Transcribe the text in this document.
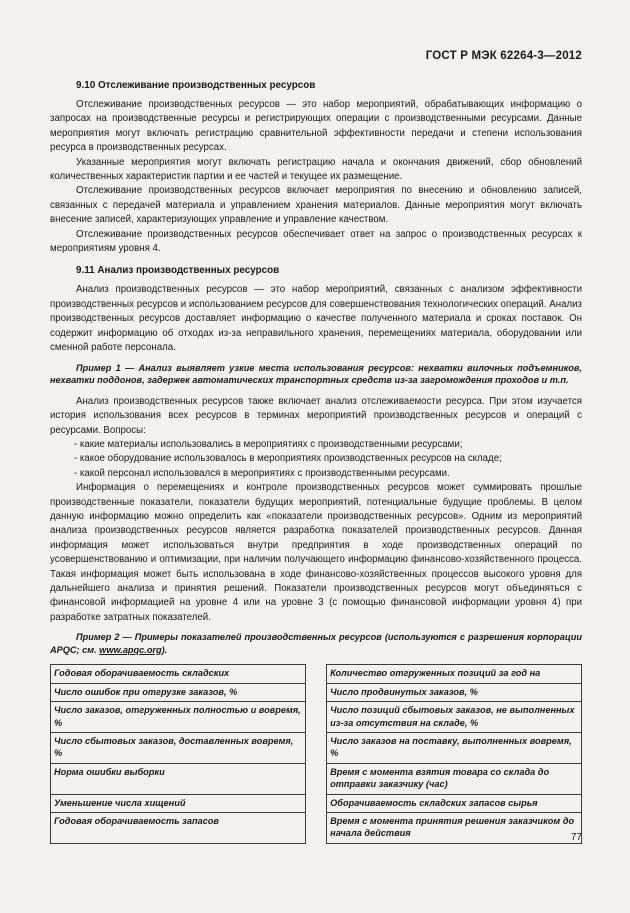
ГОСТ Р МЭК 62264-3—2012
9.10 Отслеживание производственных ресурсов

Отслеживание производственных ресурсов — это набор мероприятий, обрабатывающих информацию о запросах на производственные ресурсы и регистрирующих операции с производственными ресурсами. Данные мероприятия могут включать регистрацию сравнительной эффективности передачи и степени использования ресурса в производственных ресурсах.

Указанные мероприятия могут включать регистрацию начала и окончания движений, сбор обновлений количественных характеристик партии и ее частей и текущее их размещение.

Отслеживание производственных ресурсов включает мероприятия по внесению и обновлению записей, связанных с передачей материала и управлением хранения материалов. Данные мероприятия могут включать внесение записей, характеризующих управление и управление качеством.

Отслеживание производственных ресурсов обеспечивает ответ на запрос о производственных ресурсах к мероприятиям уровня 4.

9.11 Анализ производственных ресурсов

Анализ производственных ресурсов — это набор мероприятий, связанных с анализом эффективности производственных ресурсов и использованием ресурсов для совершенствования технологических операций. Анализ производственных ресурсов доставляет информацию о качестве полученного материала и сроках поставок. Он содержит информацию об отходах из-за неправильного хранения, перемещениях материала, оборудовании или сменной работе персонала.

Пример 1 — Анализ выявляет узкие места использования ресурсов: нехватки вилочных подъемников, нехватки поддонов, задержек автоматических транспортных средств из-за загромождения проходов и т.п.

Анализ производственных ресурсов также включает анализ отслеживаемости ресурса. При этом изучается история использования всех ресурсов в терминах мероприятий производственных ресурсов и операций с ресурсами. Вопросы:

- какие материалы использовались в мероприятиях с производственными ресурсами;
- какое оборудование использовалось в мероприятиях производственных ресурсов на складе;
- какой персонал использовался в мероприятиях с производственными ресурсами.

Информация о перемещениях и контроле производственных ресурсов может суммировать прошлые производственные показатели, показатели будущих мероприятий, потенциальные будущие проблемы. В целом данную информацию можно определить как «показатели производственных ресурсов». Одним из мероприятий анализа производственных ресурсов является разработка показателей производственных ресурсов. Данная информация может использоваться внутри предприятия в ходе производственных операций по усовершенствованию и оптимизации, при наличии получающего информацию финансово-хозяйственного процесса. Такая информация может быть использована в ходе финансово-хозяйственных процессов высокого уровня для дальнейшего анализа и принятия решений. Показатели производственных ресурсов могут объединяться с финансовой информацией на уровне 4 или на уровне 3 (с помощью финансовой информации уровня 4) при разработке затратных показателей.

Пример 2 — Примеры показателей производственных ресурсов (используются с разрешения корпорации APQC; см. www.apqc.org).
Годовая оборачиваемость складских		Количество отгруженных позиций за год на
Число ошибок при отгрузке заказов, %		Число продвинутых заказов, %
Число заказов, отгруженных полностью и вовремя, %		Число позиций сбытовых заказов, не выполненных из-за отсутствия на складе, %
Число сбытовых заказов, доставленных вовремя, %		Число заказов на поставку, выполненных вовремя, %
Норма ошибки выборки		Время с момента взятия товара со склада до отправки заказчику (час)
Уменьшение числа хищений		Оборачиваемость складских запасов сырья
Годовая оборачиваемость запасов		Время с момента принятия решения заказчиком до начала действия	77
